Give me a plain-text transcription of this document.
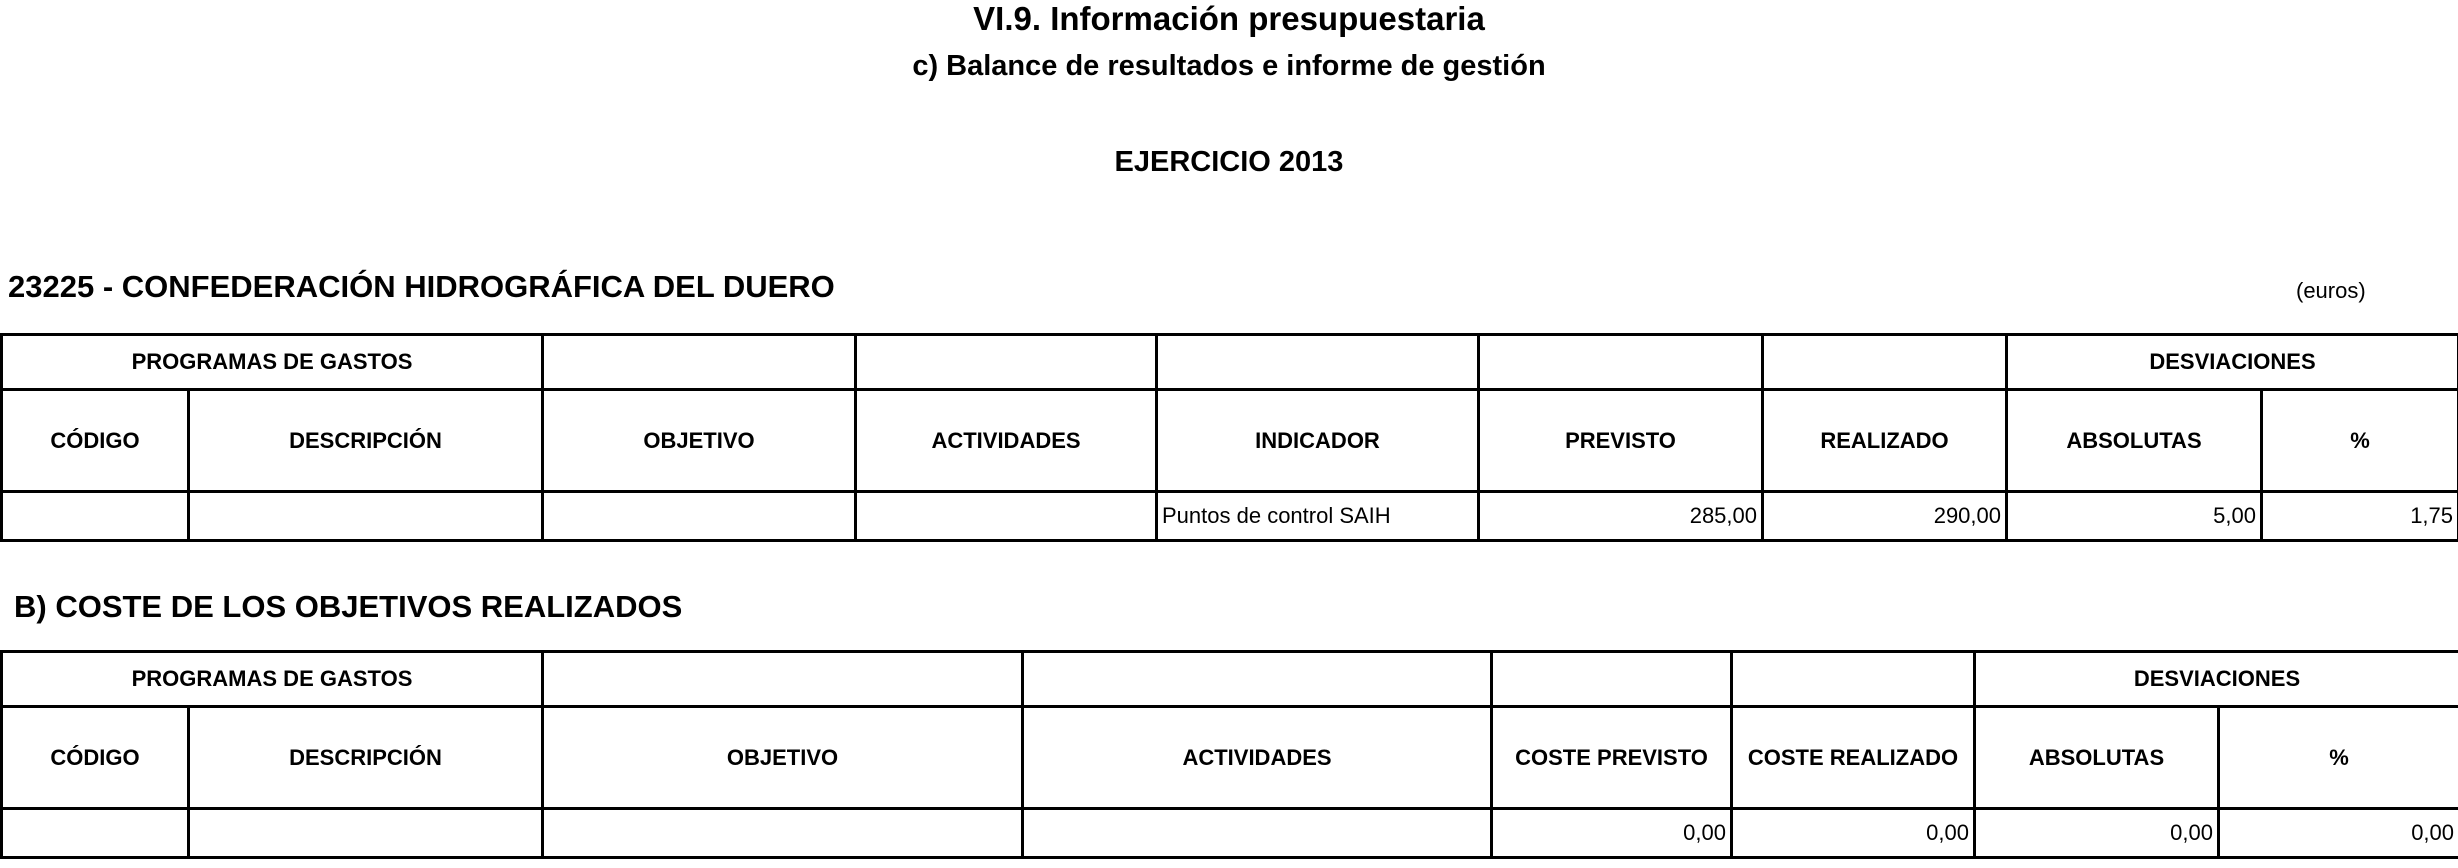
VI.9. Información presupuestaria
c) Balance de resultados e informe de gestión
EJERCICIO 2013
23225 - CONFEDERACIÓN HIDROGRÁFICA DEL DUERO	(euros)
PROGRAMAS DE GASTOS							DESVIACIONES	
CÓDIGO	DESCRIPCIÓN	OBJETIVO	ACTIVIDADES	INDICADOR	PREVISTO	REALIZADO	ABSOLUTAS	%
				Puntos de control SAIH	285,00	290,00	5,00	1,75
B) COSTE DE LOS OBJETIVOS REALIZADOS
PROGRAMAS DE GASTOS						DESVIACIONES	
CÓDIGO	DESCRIPCIÓN	OBJETIVO	ACTIVIDADES	COSTE PREVISTO	COSTE REALIZADO	ABSOLUTAS	%
				0,00	0,00	0,00	0,00
